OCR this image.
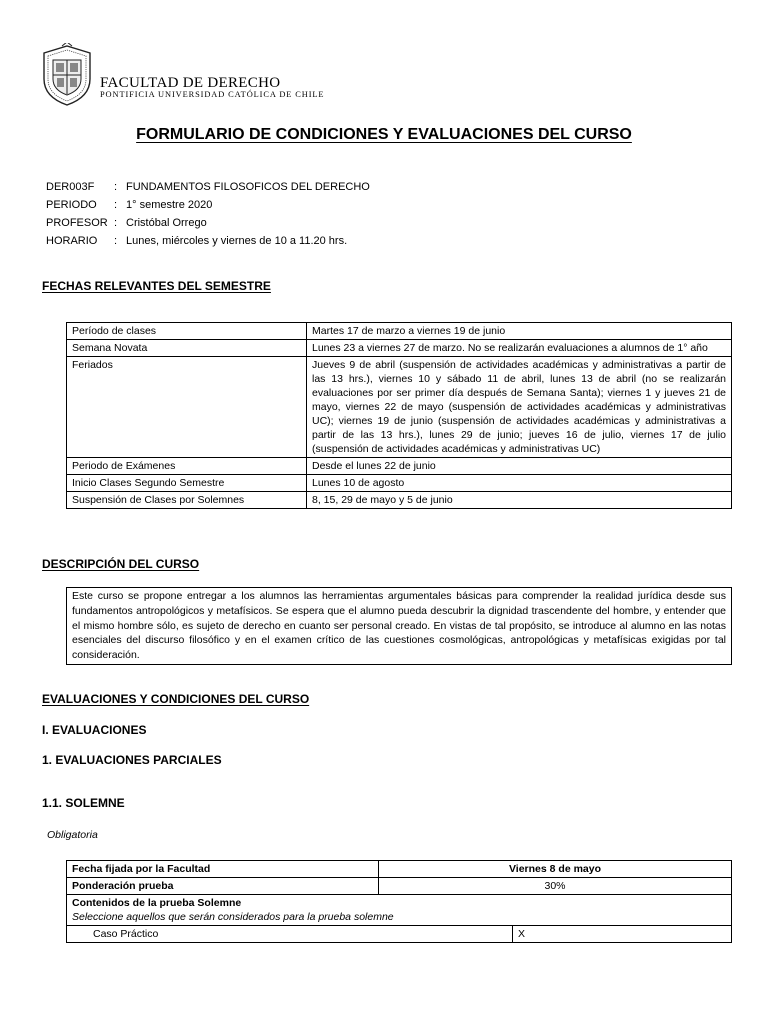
FACULTAD DE DERECHO
PONTIFICIA UNIVERSIDAD CATÓLICA DE CHILE
FORMULARIO DE CONDICIONES Y EVALUACIONES DEL CURSO
DER003F	: FUNDAMENTOS FILOSOFICOS DEL DERECHO
PERIODO	: 1° semestre 2020
PROFESOR : Cristóbal Orrego
HORARIO	: Lunes, miércoles y viernes de 10 a 11.20 hrs.
FECHAS RELEVANTES DEL SEMESTRE
Período de clases	Martes 17 de marzo a viernes 19 de junio
Semana Novata	Lunes 23 a viernes 27 de marzo. No se realizarán evaluaciones a alumnos de 1° año
Feriados	Jueves 9 de abril (suspensión de actividades académicas y administrativas a partir de las 13 hrs.), viernes 10 y sábado 11 de abril, lunes 13 de abril (no se realizarán evaluaciones por ser primer día después de Semana Santa); viernes 1 y jueves 21 de mayo, viernes 22 de mayo (suspensión de actividades académicas y administrativas UC); viernes 19 de junio (suspensión de actividades académicas y administrativas a partir de las 13 hrs.), lunes 29 de junio; jueves 16 de julio, viernes 17 de julio (suspensión de actividades académicas y administrativas UC)
Periodo de Exámenes	Desde el lunes 22 de junio
Inicio Clases Segundo Semestre	Lunes 10 de agosto
Suspensión de Clases por Solemnes	8, 15, 29 de mayo y 5 de junio
DESCRIPCIÓN DEL CURSO
Este curso se propone entregar a los alumnos las herramientas argumentales básicas para comprender la realidad jurídica desde sus fundamentos antropológicos y metafísicos. Se espera que el alumno pueda descubrir la dignidad trascendente del hombre, y entender que el mismo hombre sólo, es sujeto de derecho en cuanto ser personal creado. En vistas de tal propósito, se introduce al alumno en las notas esenciales del discurso filosófico y en el examen crítico de las cuestiones cosmológicas, antropológicas y metafísicas exigidas por tal consideración.
EVALUACIONES Y CONDICIONES DEL CURSO
I. EVALUACIONES
1. EVALUACIONES PARCIALES
1.1. SOLEMNE
Obligatoria
Fecha fijada por la Facultad	Viernes 8 de mayo
Ponderación prueba	30%

Contenidos de la prueba Solemne
Seleccione aquellos que serán considerados para la prueba solemne
Caso Práctico X	
